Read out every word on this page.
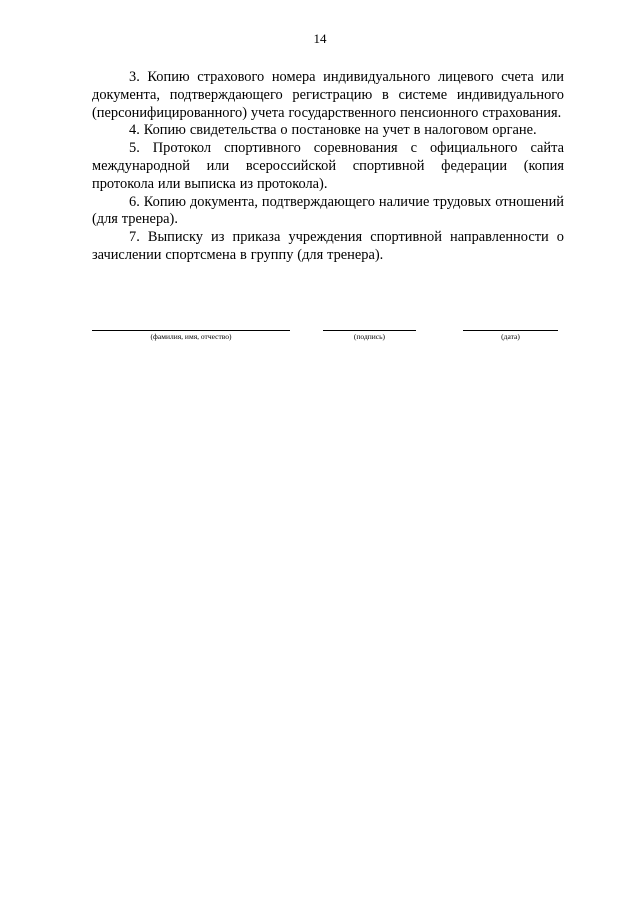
14

3. Копию страхового номера индивидуального лицевого счета или документа, подтверждающего регистрацию в системе индивидуального (персонифицированного) учета государственного пенсионного страхования.

4. Копию свидетельства о постановке на учет в налоговом органе.

5. Протокол спортивного соревнования с официального сайта международной или всероссийской спортивной федерации (копия протокола или выписка из протокола).

6. Копию документа, подтверждающего наличие трудовых отношений (для тренера).

7. Выписку из приказа учреждения спортивной направленности о зачислении спортсмена в группу (для тренера).

(фамилия, имя, отчество)	(подпись)	(дата)
